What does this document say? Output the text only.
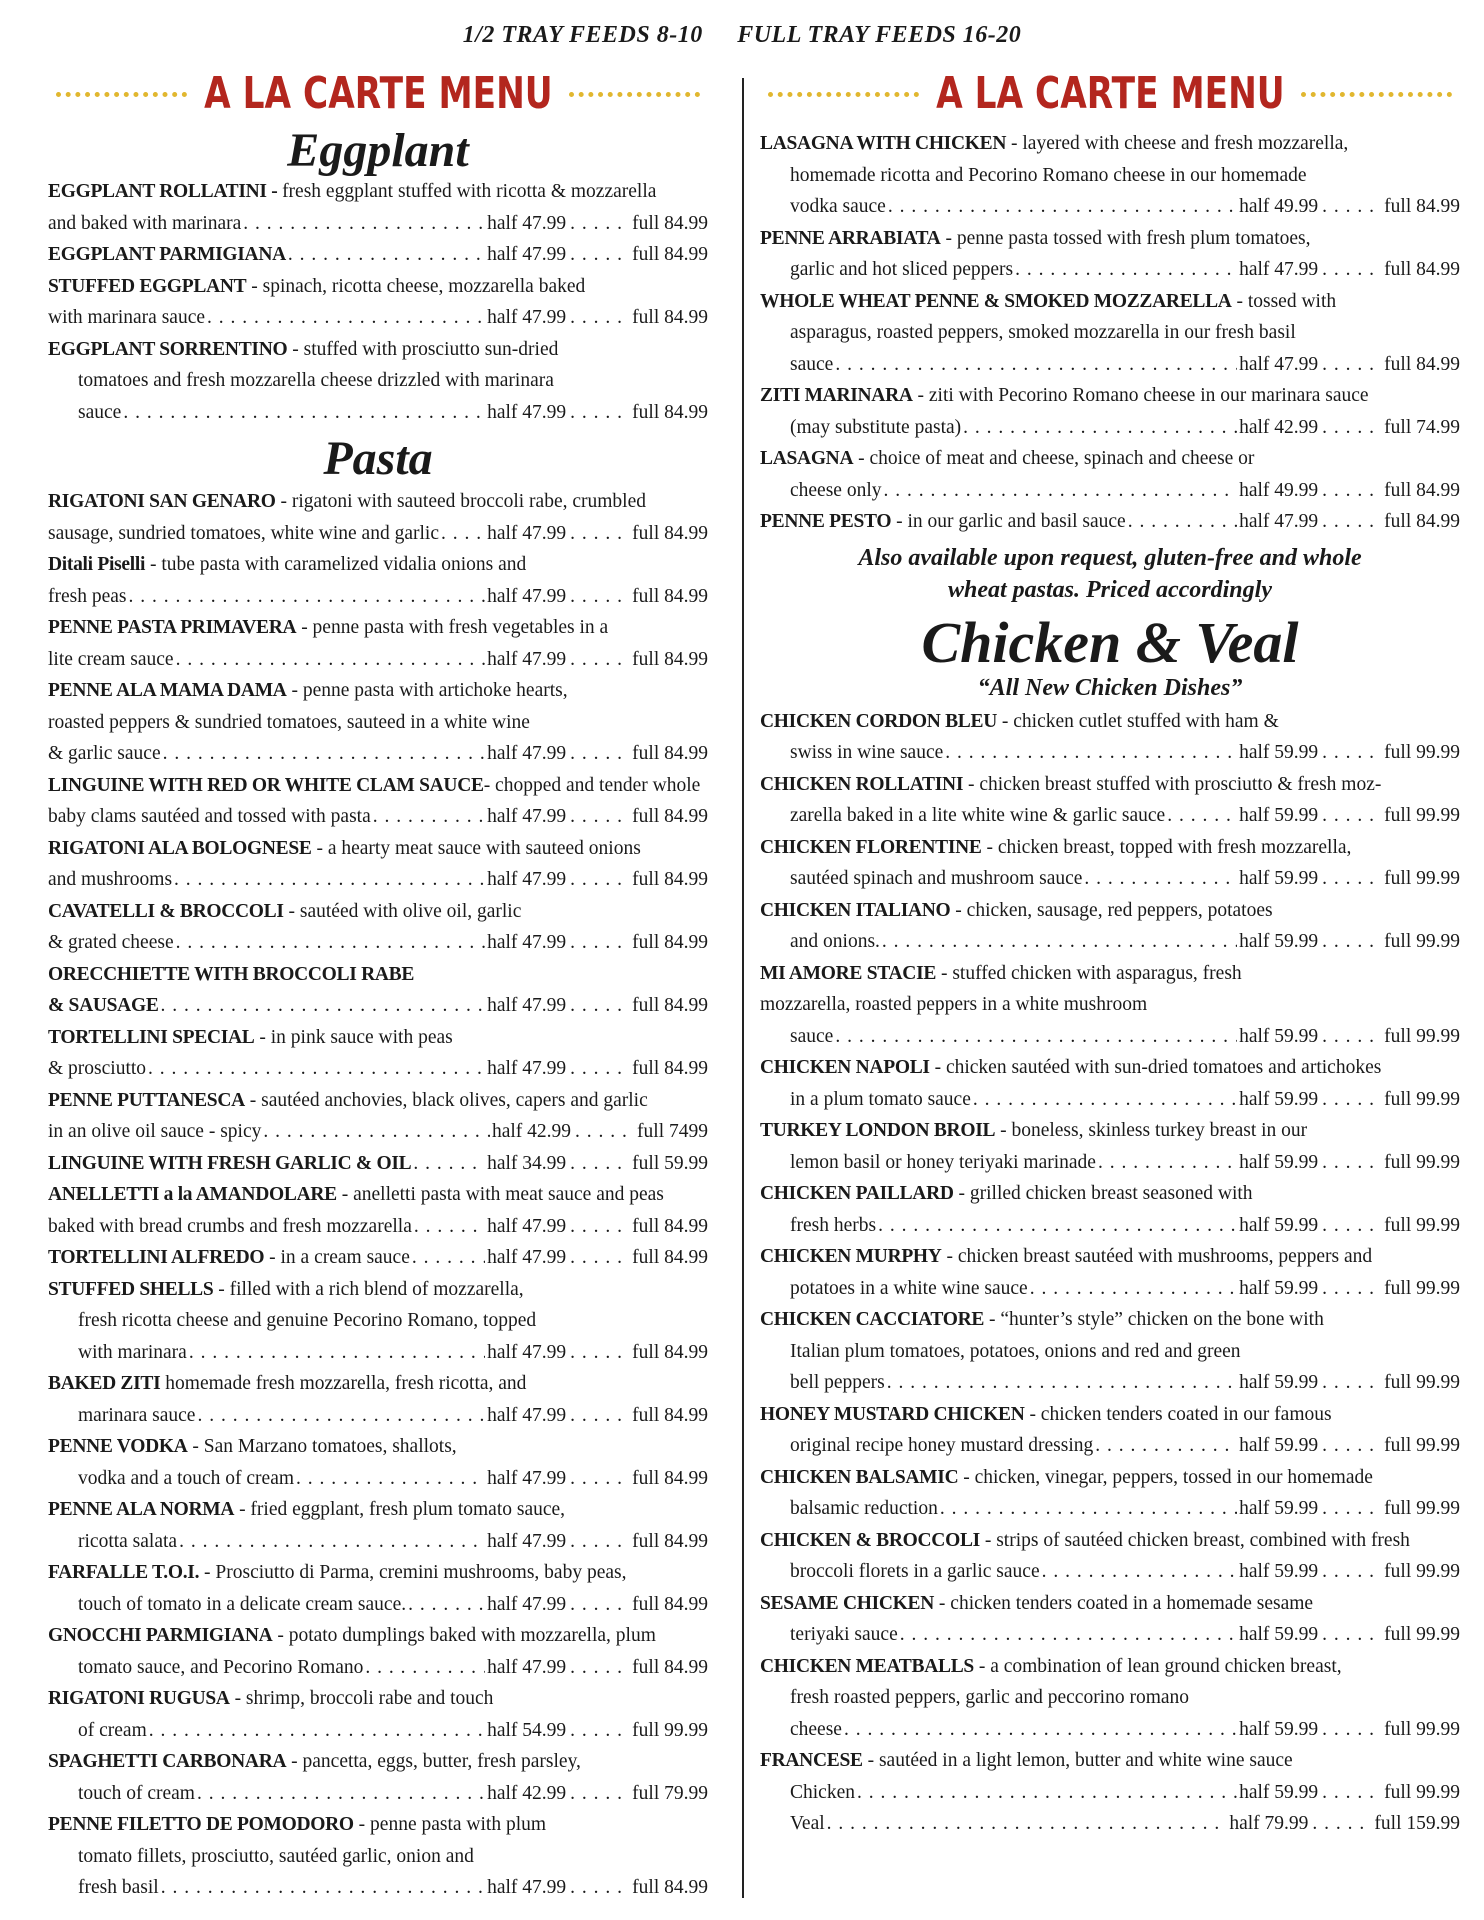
1/2 TRAY FEEDS 8-10 FULL TRAY FEEDS 16-20
A LA CARTE MENU
Eggplant
EGGPLANT ROLLATINI - fresh eggplant stuffed with ricotta & mozzarella
and baked with marinara . . .	half 47.99 . . .	full 84.99
EGGPLANT PARMIGIANA . . .	half 47.99 . . .	full 84.99
STUFFED EGGPLANT - spinach, ricotta cheese, mozzarella baked
with marinara sauce . . .	half 47.99 . . .	full 84.99
EGGPLANT SORRENTINO - stuffed with prosciutto sun-dried
tomatoes and fresh mozzarella cheese drizzled with marinara
sauce . . .	half 47.99 . . .	full 84.99
Pasta
RIGATONI SAN GENARO - rigatoni with sauteed broccoli rabe, crumbled
sausage, sundried tomatoes, white wine and garlic . . . half 47.99 . . .	full 84.99
Ditali Piselli - tube pasta with caramelized vidalia onions and
fresh peas . . .	half 47.99 . . .	full 84.99
PENNE PASTA PRIMAVERA - penne pasta with fresh vegetables in a
lite cream sauce . . .	half 47.99 . . .	full 84.99
PENNE ALA MAMA DAMA - penne pasta with artichoke hearts,
roasted peppers & sundried tomatoes, sauteed in a white wine
& garlic sauce . . .	half 47.99 . . .	full 84.99
LINGUINE WITH RED OR WHITE CLAM SAUCE- chopped and tender whole
baby clams sautéed and tossed with pasta . . .	half 47.99 . . .	full 84.99
RIGATONI ALA BOLOGNESE - a hearty meat sauce with sauteed onions
and mushrooms . . .	half 47.99 . . .	full 84.99
CAVATELLI & BROCCOLI - sautéed with olive oil, garlic
& grated cheese . . .	half 47.99 . . .	full 84.99
ORECCHIETTE WITH BROCCOLI RABE
& SAUSAGE . . .	half 47.99 . . .	full 84.99
TORTELLINI SPECIAL - in pink sauce with peas
& prosciutto . . .	half 47.99 . . .	full 84.99
PENNE PUTTANESCA - sautéed anchovies, black olives, capers and garlic
in an olive oil sauce - spicy . . .	half 42.99 . . .	full 7499
LINGUINE WITH FRESH GARLIC & OIL . . .	half 34.99 . . .	full 59.99
ANELLETTI a la AMANDOLARE - anelletti pasta with meat sauce and peas
baked with bread crumbs and fresh mozzarella . . .	half 47.99 . . .	full 84.99
TORTELLINI ALFREDO - in a cream sauce . . .	half 47.99 . . .	full 84.99
STUFFED SHELLS - filled with a rich blend of mozzarella,
fresh ricotta cheese and genuine Pecorino Romano, topped
with marinara . . .	half 47.99 . . .	full 84.99
BAKED ZITI homemade fresh mozzarella, fresh ricotta, and
marinara sauce . . .	half 47.99 . . .	full 84.99
PENNE VODKA - San Marzano tomatoes, shallots,
vodka and a touch of cream . . .	half 47.99 . . .	full 84.99
PENNE ALA NORMA - fried eggplant, fresh plum tomato sauce,
ricotta salata . . .	half 47.99 . . .	full 84.99
FARFALLE T.O.I. - Prosciutto di Parma, cremini mushrooms, baby peas,
touch of tomato in a delicate cream sauce. . . .	half 47.99 . . .	full 84.99
GNOCCHI PARMIGIANA - potato dumplings baked with mozzarella, plum
tomato sauce, and Pecorino Romano . . .	half 47.99 . . .	full 84.99
RIGATONI RUGUSA - shrimp, broccoli rabe and touch
of cream . . .	half 54.99 . . .	full 99.99
SPAGHETTI CARBONARA - pancetta, eggs, butter, fresh parsley,
touch of cream . . .	half 42.99 . . .	full 79.99
PENNE FILETTO DE POMODORO - penne pasta with plum
tomato fillets, prosciutto, sautéed garlic, onion and
fresh basil . . .	half 47.99 . . .	full 84.99
A LA CARTE MENU
LASAGNA WITH CHICKEN - layered with cheese and fresh mozzarella,
homemade ricotta and Pecorino Romano cheese in our homemade
vodka sauce . . .	half 49.99 . . .	full 84.99
PENNE ARRABIATA - penne pasta tossed with fresh plum tomatoes,
garlic and hot sliced peppers . . .	half 47.99 . . .	full 84.99
WHOLE WHEAT PENNE & SMOKED MOZZARELLA - tossed with
asparagus, roasted peppers, smoked mozzarella in our fresh basil
sauce . . .	half 47.99 . . .	full 84.99
ZITI MARINARA - ziti with Pecorino Romano cheese in our marinara sauce
(may substitute pasta) . . .	half 42.99 . . .	full 74.99
LASAGNA - choice of meat and cheese, spinach and cheese or
cheese only . . .	half 49.99 . . .	full 84.99
PENNE PESTO - in our garlic and basil sauce . . .	half 47.99 . . .	full 84.99
Also available upon request, gluten-free and whole
wheat pastas. Priced accordingly
Chicken & Veal
“All New Chicken Dishes”
CHICKEN CORDON BLEU - chicken cutlet stuffed with ham &
swiss in wine sauce . . .	half 59.99 . . .	full 99.99
CHICKEN ROLLATINI - chicken breast stuffed with prosciutto & fresh moz-
zarella baked in a lite white wine & garlic sauce . . .	half 59.99 . . .	full 99.99
CHICKEN FLORENTINE - chicken breast, topped with fresh mozzarella,
sautéed spinach and mushroom sauce . . .	half 59.99 . . .	full 99.99
CHICKEN ITALIANO - chicken, sausage, red peppers, potatoes
and onions. . . .	half 59.99 . . .	full 99.99
MI AMORE STACIE - stuffed chicken with asparagus, fresh
mozzarella, roasted peppers in a white mushroom
sauce . . .	half 59.99 . . .	full 99.99
CHICKEN NAPOLI - chicken sautéed with sun-dried tomatoes and artichokes
in a plum tomato sauce . . .	half 59.99 . . .	full 99.99
TURKEY LONDON BROIL - boneless, skinless turkey breast in our
lemon basil or honey teriyaki marinade . . .	half 59.99 . . .	full 99.99
CHICKEN PAILLARD - grilled chicken breast seasoned with
fresh herbs . . .	half 59.99 . . .	full 99.99
CHICKEN MURPHY - chicken breast sautéed with mushrooms, peppers and
potatoes in a white wine sauce . . .	half 59.99 . . .	full 99.99
CHICKEN CACCIATORE - “hunter’s style” chicken on the bone with
Italian plum tomatoes, potatoes, onions and red and green
bell peppers . . .	half 59.99 . . .	full 99.99
HONEY MUSTARD CHICKEN - chicken tenders coated in our famous
original recipe honey mustard dressing . . .	half 59.99 . . .	full 99.99
CHICKEN BALSAMIC - chicken, vinegar, peppers, tossed in our homemade
balsamic reduction . . .	half 59.99 . . .	full 99.99
CHICKEN & BROCCOLI - strips of sautéed chicken breast, combined with fresh
broccoli florets in a garlic sauce . . .	half 59.99 . . .	full 99.99
SESAME CHICKEN - chicken tenders coated in a homemade sesame
teriyaki sauce . . .	half 59.99 . . .	full 99.99
CHICKEN MEATBALLS - a combination of lean ground chicken breast,
fresh roasted peppers, garlic and peccorino romano
cheese . . .	half 59.99 . . .	full 99.99
FRANCESE - sautéed in a light lemon, butter and white wine sauce
Chicken . . .	half 59.99 . . .	full 99.99
Veal . . .	half 79.99 . . .	full 159.99
